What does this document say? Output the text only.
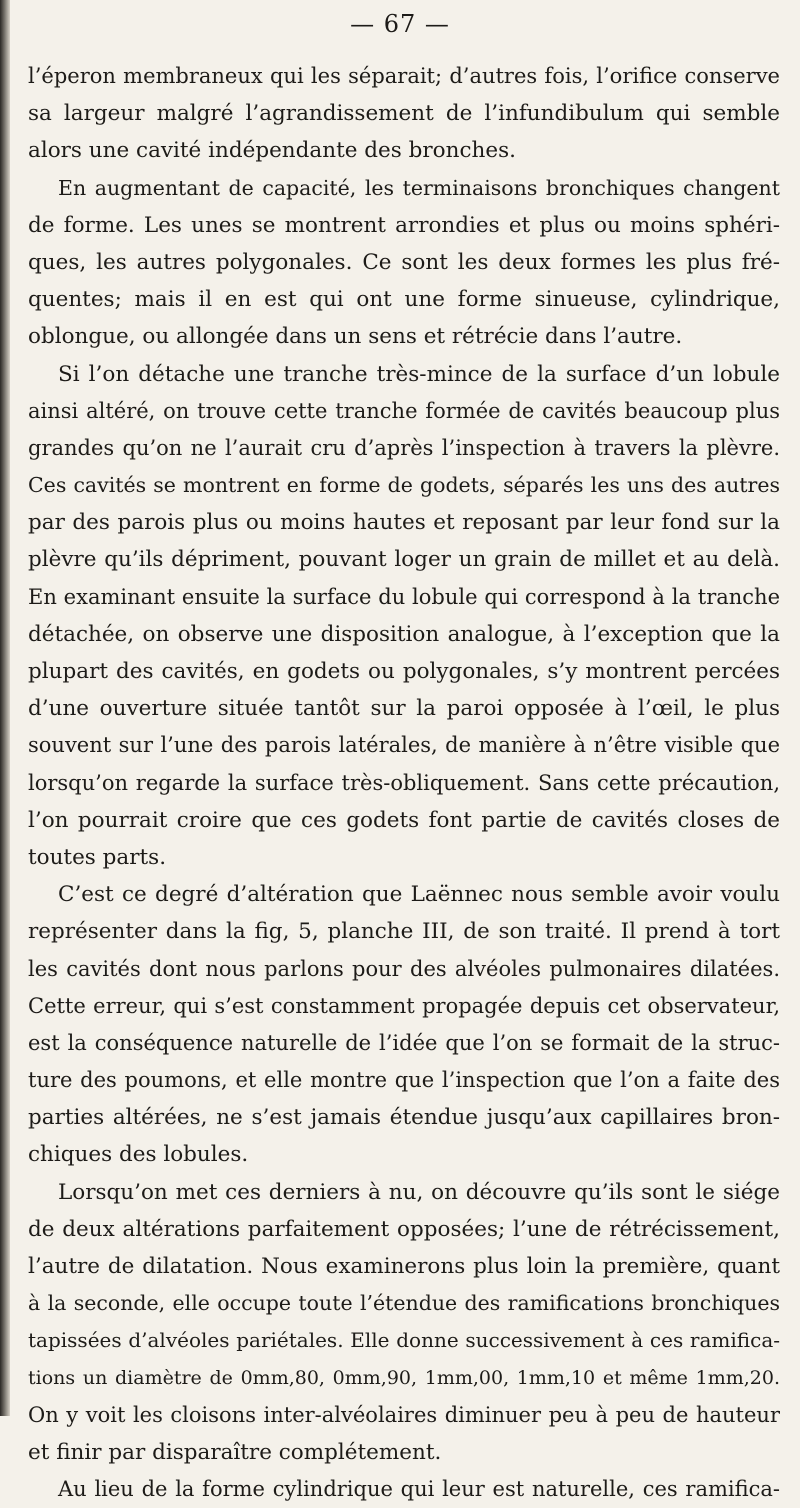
— 67 —
l’éperon membraneux qui les séparait; d’autres fois, l’orifice conserve
sa largeur malgré l’agrandissement de l’infundibulum qui semble
alors une cavité indépendante des bronches.
En augmentant de capacité, les terminaisons bronchiques changent
de forme. Les unes se montrent arrondies et plus ou moins sphéri-
ques, les autres polygonales. Ce sont les deux formes les plus fré-
quentes; mais il en est qui ont une forme sinueuse, cylindrique,
oblongue, ou allongée dans un sens et rétrécie dans l’autre.
Si l’on détache une tranche très-mince de la surface d’un lobule
ainsi altéré, on trouve cette tranche formée de cavités beaucoup plus
grandes qu’on ne l’aurait cru d’après l’inspection à travers la plèvre.
Ces cavités se montrent en forme de godets, séparés les uns des autres
par des parois plus ou moins hautes et reposant par leur fond sur la
plèvre qu’ils dépriment, pouvant loger un grain de millet et au delà.
En examinant ensuite la surface du lobule qui correspond à la tranche
détachée, on observe une disposition analogue, à l’exception que la
plupart des cavités, en godets ou polygonales, s’y montrent percées
d’une ouverture située tantôt sur la paroi opposée à l’œil, le plus
souvent sur l’une des parois latérales, de manière à n’être visible que
lorsqu’on regarde la surface très-obliquement. Sans cette précaution,
l’on pourrait croire que ces godets font partie de cavités closes de
toutes parts.
C’est ce degré d’altération que Laënnec nous semble avoir voulu
représenter dans la fig, 5, planche III, de son traité. Il prend à tort
les cavités dont nous parlons pour des alvéoles pulmonaires dilatées.
Cette erreur, qui s’est constamment propagée depuis cet observateur,
est la conséquence naturelle de l’idée que l’on se formait de la struc-
ture des poumons, et elle montre que l’inspection que l’on a faite des
parties altérées, ne s’est jamais étendue jusqu’aux capillaires bron-
chiques des lobules.
Lorsqu’on met ces derniers à nu, on découvre qu’ils sont le siége
de deux altérations parfaitement opposées; l’une de rétrécissement,
l’autre de dilatation. Nous examinerons plus loin la première, quant
à la seconde, elle occupe toute l’étendue des ramifications bronchiques
tapissées d’alvéoles pariétales. Elle donne successivement à ces ramifica-
tions un diamètre de 0mm,80, 0mm,90, 1mm,00, 1mm,10 et même 1mm,20.
On y voit les cloisons inter-alvéolaires diminuer peu à peu de hauteur
et finir par disparaître complétement.
Au lieu de la forme cylindrique qui leur est naturelle, ces ramifica-
